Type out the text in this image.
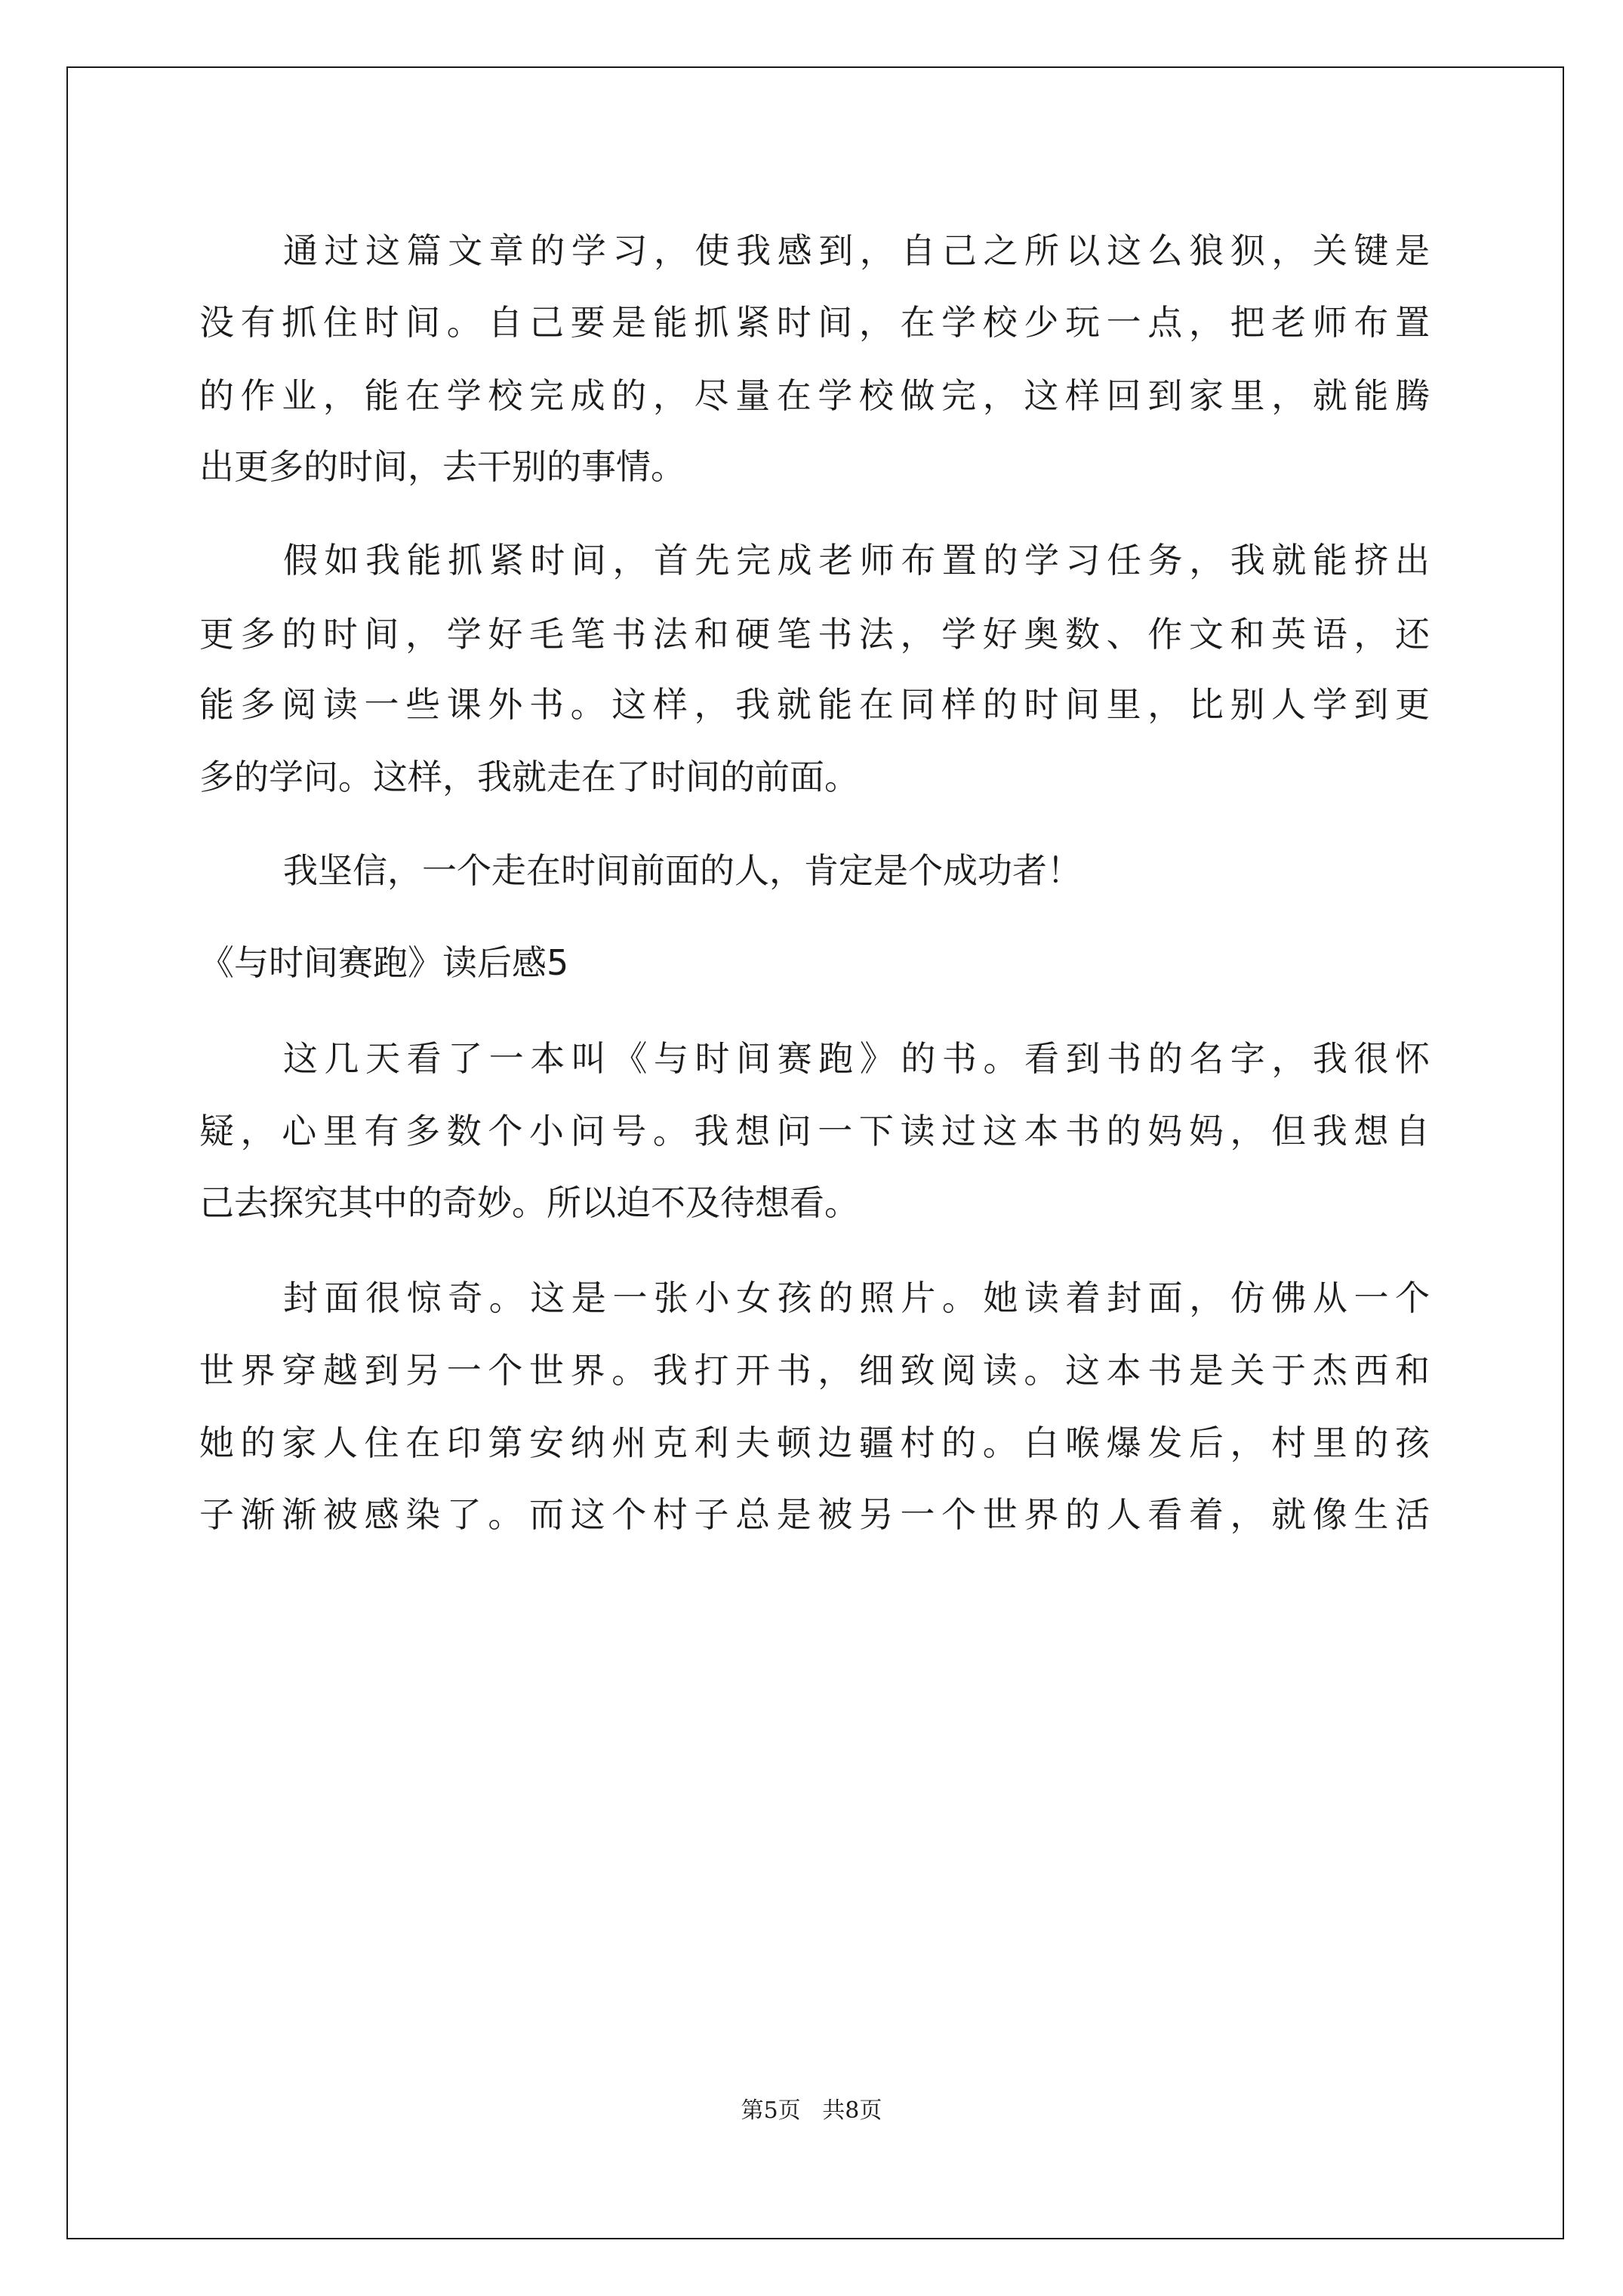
通过这篇文章的学习，使我感到，自己之所以这么狼狈，关键是
没有抓住时间。自己要是能抓紧时间，在学校少玩一点，把老师布置
的作业，能在学校完成的，尽量在学校做完，这样回到家里，就能腾
出更多的时间，去干别的事情。
假如我能抓紧时间，首先完成老师布置的学习任务，我就能挤出
更多的时间，学好毛笔书法和硬笔书法，学好奥数、作文和英语，还
能多阅读一些课外书。这样，我就能在同样的时间里，比别人学到更
多的学问。这样，我就走在了时间的前面。
我坚信，一个走在时间前面的人，肯定是个成功者！
《与时间赛跑》读后感5
这几天看了一本叫《与时间赛跑》的书。看到书的名字，我很怀
疑，心里有多数个小问号。我想问一下读过这本书的妈妈，但我想自
己去探究其中的奇妙。所以迫不及待想看。
封面很惊奇。这是一张小女孩的照片。她读着封面，仿佛从一个
世界穿越到另一个世界。我打开书，细致阅读。这本书是关于杰西和
她的家人住在印第安纳州克利夫顿边疆村的。白喉爆发后，村里的孩
子渐渐被感染了。而这个村子总是被另一个世界的人看着，就像生活
第5页   共8页
